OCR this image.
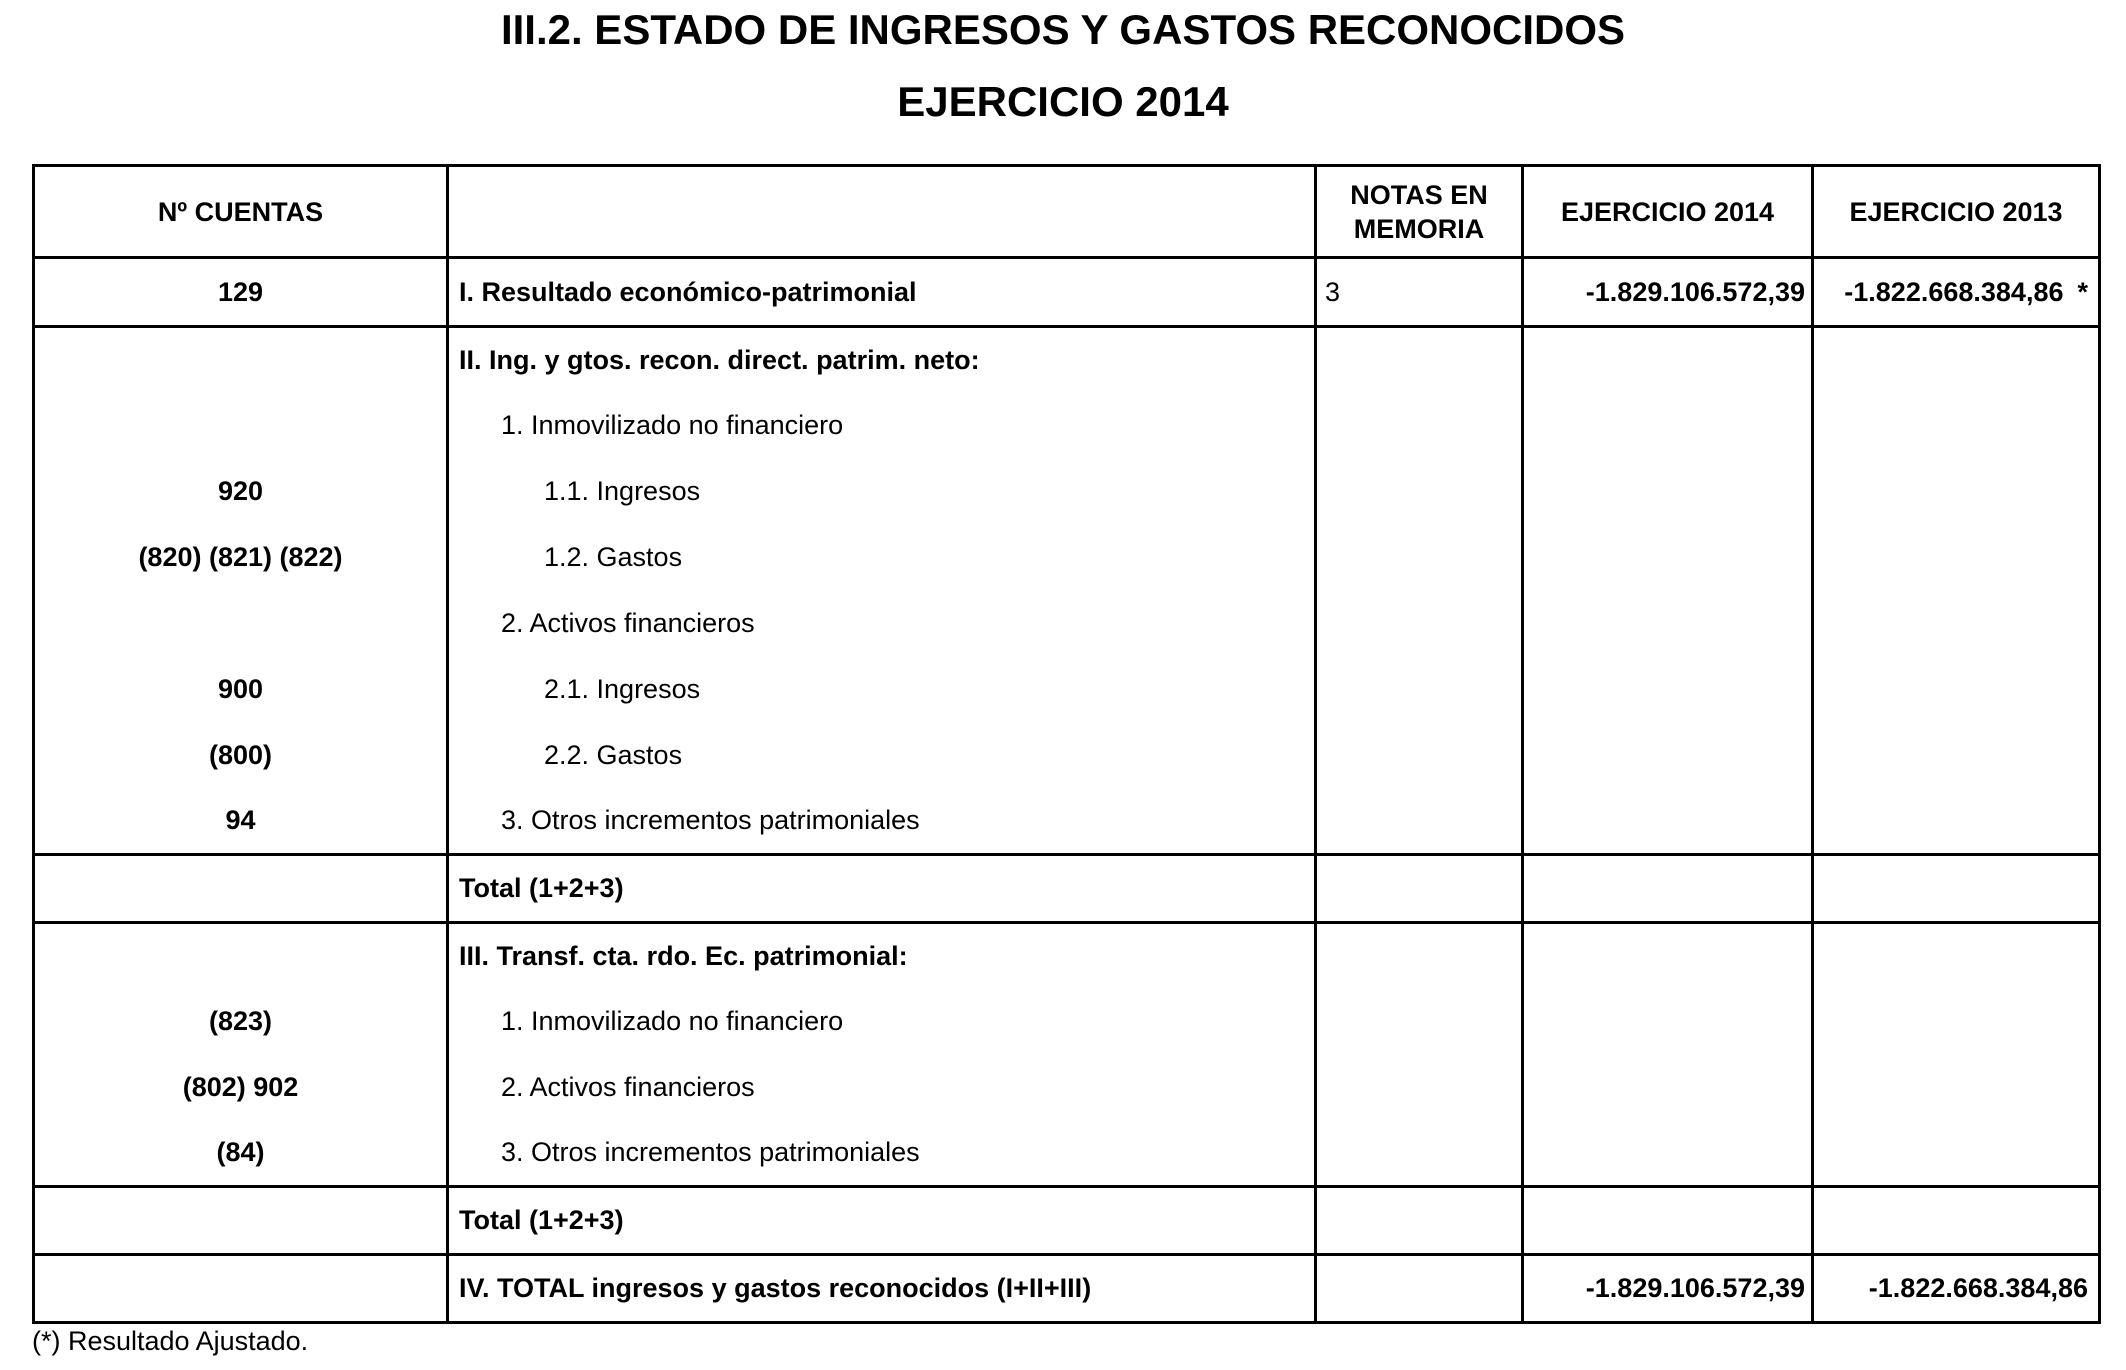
III.2. ESTADO DE INGRESOS Y GASTOS RECONOCIDOS
EJERCICIO 2014
Nº CUENTAS		NOTAS EN MEMORIA	EJERCICIO 2014	EJERCICIO 2013
129	I. Resultado económico-patrimonial	3	-1.829.106.572,39	-1.822.668.384,86 *
	II. Ing. y gtos. recon. direct. patrim. neto:			
	1. Inmovilizado no financiero			
920	1.1. Ingresos			
(820) (821) (822)	1.2. Gastos			
	2. Activos financieros			
900	2.1. Ingresos			
(800)	2.2. Gastos			
94	3. Otros incrementos patrimoniales			
	Total (1+2+3)			
	III. Transf. cta. rdo. Ec. patrimonial:			
(823)	1. Inmovilizado no financiero			
(802) 902	2. Activos financieros			
(84)	3. Otros incrementos patrimoniales			
	Total (1+2+3)			
	IV. TOTAL ingresos y gastos reconocidos (I+II+III)		-1.829.106.572,39	-1.822.668.384,86
(*) Resultado Ajustado.
